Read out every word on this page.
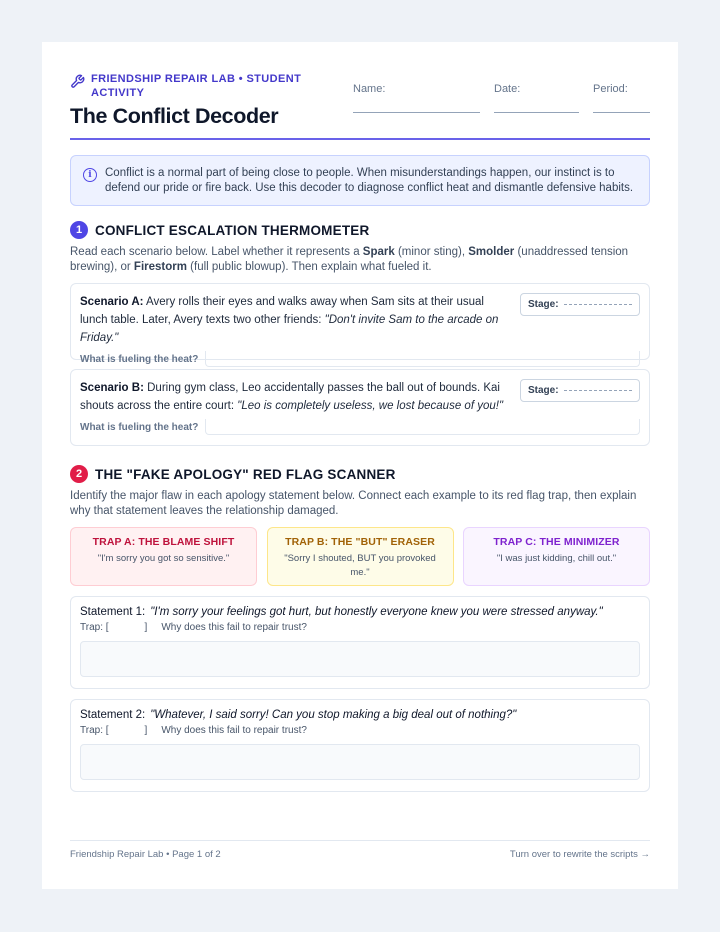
FRIENDSHIP REPAIR LAB • STUDENT ACTIVITY
The Conflict Decoder
Name:	Date:	Period:
i	Conflict is a normal part of being close to people. When misunderstandings happen, our instinct is to defend our pride or fire back. Use this decoder to diagnose conflict heat and dismantle defensive habits.
1 CONFLICT ESCALATION THERMOMETER
Read each scenario below. Label whether it represents a Spark (minor sting), Smolder (unaddressed tension brewing), or Firestorm (full public blowup). Then explain what fueled it.
Scenario A: Avery rolls their eyes and walks away when Sam sits at their usual lunch table. Later, Avery texts two other friends: "Don't invite Sam to the arcade on Friday."
Stage:
What is fueling the heat?
Scenario B: During gym class, Leo accidentally passes the ball out of bounds. Kai shouts across the entire court: "Leo is completely useless, we lost because of you!"
Stage:
What is fueling the heat?
2 THE "FAKE APOLOGY" RED FLAG SCANNER
Identify the major flaw in each apology statement below. Connect each example to its red flag trap, then explain why that statement leaves the relationship damaged.
TRAP A: THE BLAME SHIFT
"I'm sorry you got so sensitive."
TRAP B: THE "BUT" ERASER
"Sorry I shouted, BUT you provoked me."
TRAP C: THE MINIMIZER
"I was just kidding, chill out."
Statement 1: "I'm sorry your feelings got hurt, but honestly everyone knew you were stressed anyway."
Trap: [	] Why does this fail to repair trust?
Statement 2: "Whatever, I said sorry! Can you stop making a big deal out of nothing?"
Trap: [	] Why does this fail to repair trust?
Friendship Repair Lab • Page 1 of 2	Turn over to rewrite the scripts →
